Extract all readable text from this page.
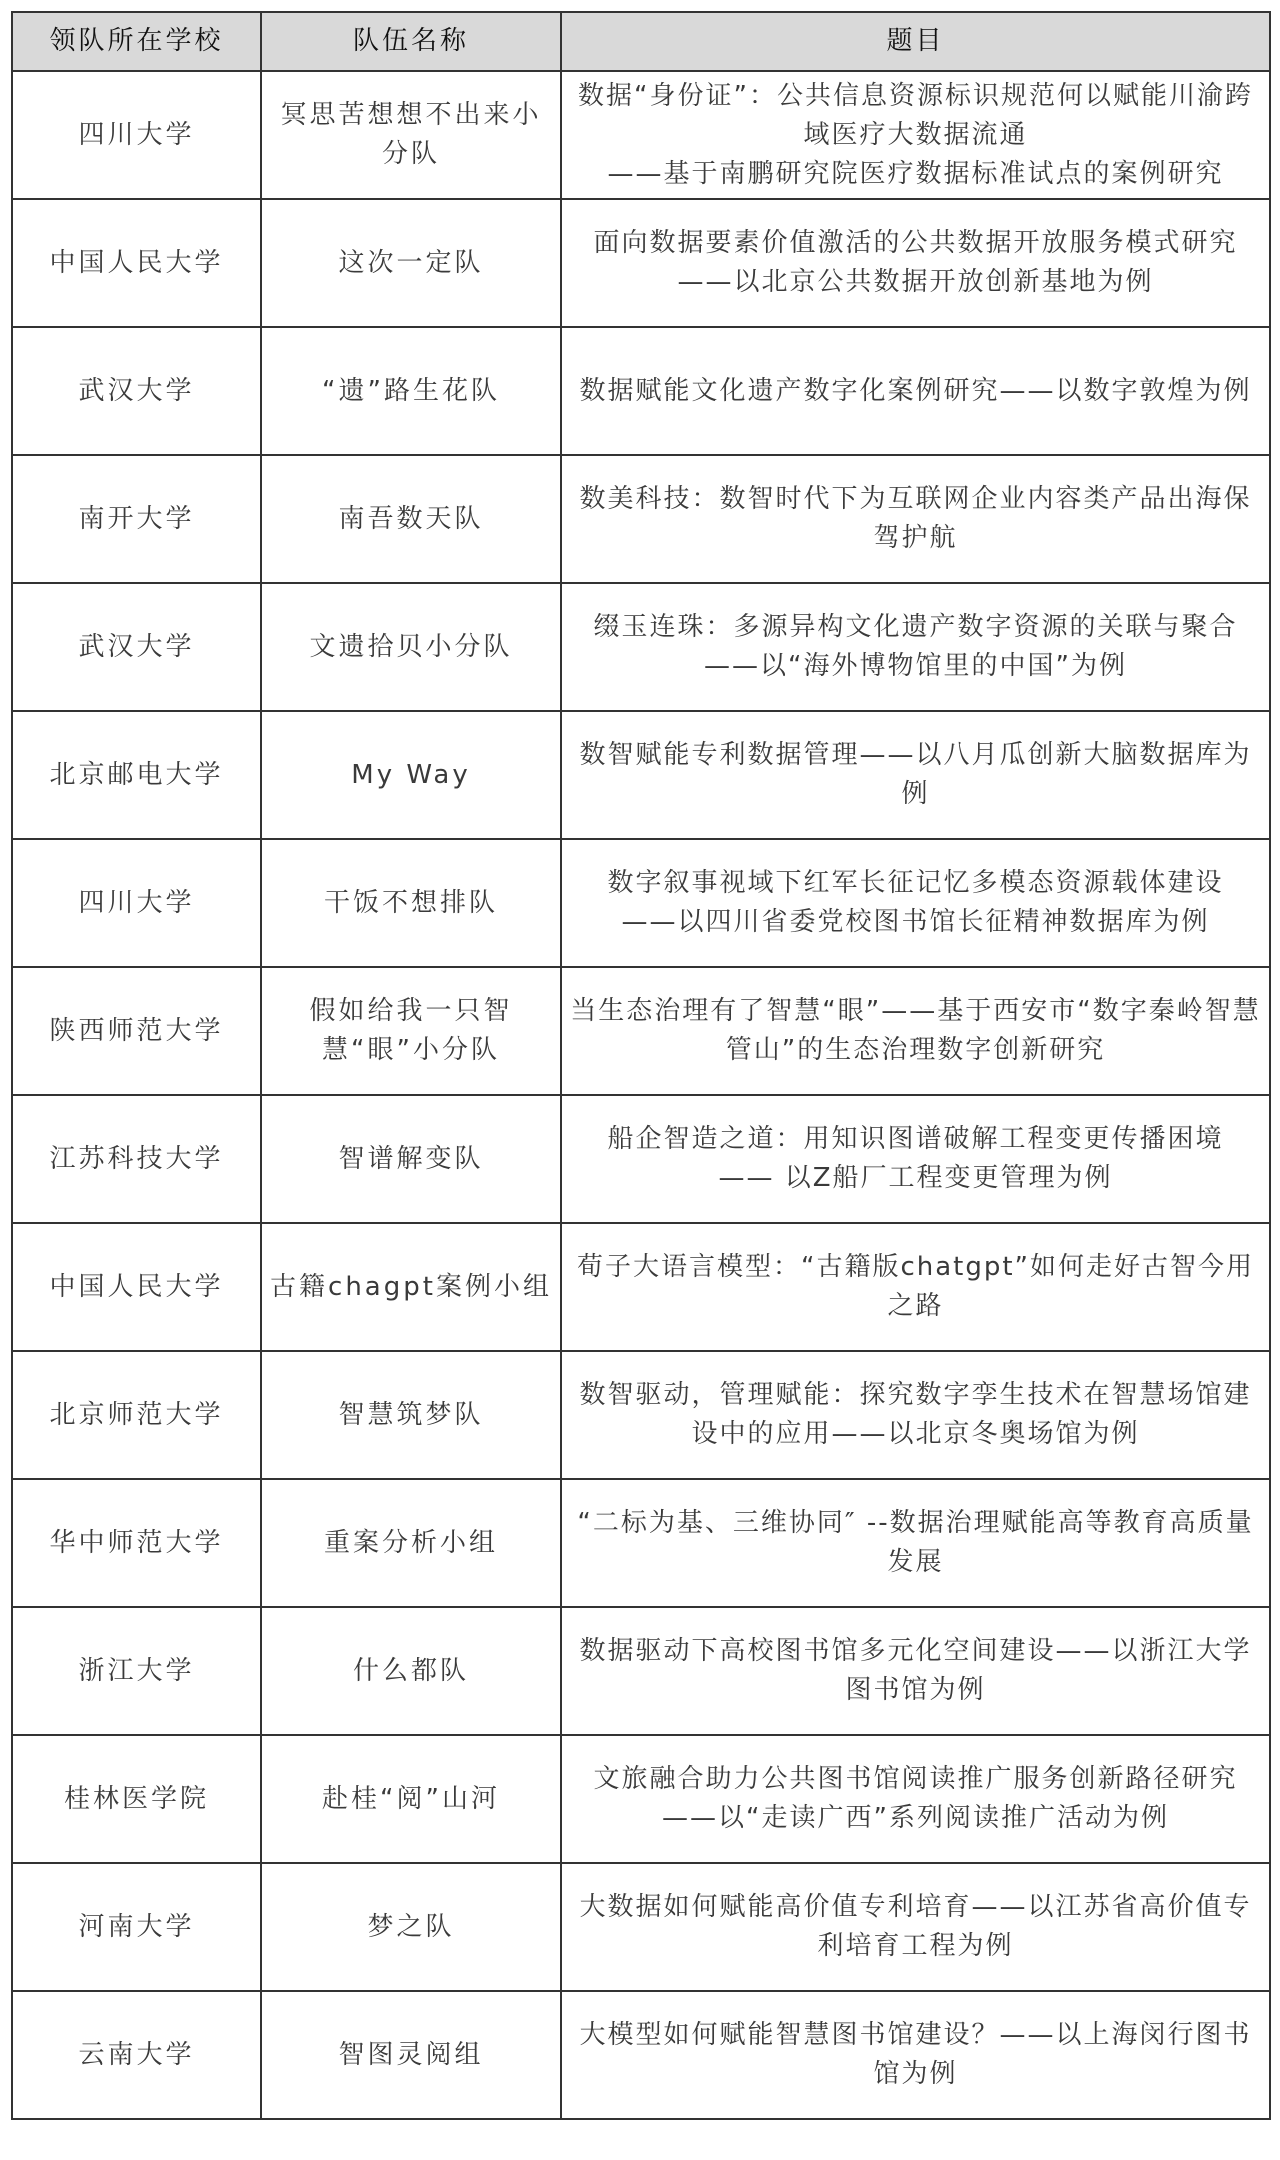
领队所在学校	队伍名称	题目
四川大学	冥思苦想想不出来小分队	数据“身份证”：公共信息资源标识规范何以赋能川渝跨域医疗大数据流通
——基于南鹏研究院医疗数据标准试点的案例研究

中国人民大学	这次一定队	面向数据要素价值激活的公共数据开放服务模式研究
——以北京公共数据开放创新基地为例

武汉大学	“遗”路生花队	数据赋能文化遗产数字化案例研究——以数字敦煌为例

南开大学	南吾数天队	数美科技：数智时代下为互联网企业内容类产品出海保驾护航

武汉大学	文遗拾贝小分队	缀玉连珠：多源异构文化遗产数字资源的关联与聚合——以“海外博物馆里的中国”为例

北京邮电大学	My Way	数智赋能专利数据管理——以八月瓜创新大脑数据库为例

四川大学	干饭不想排队	数字叙事视域下红军长征记忆多模态资源载体建设
——以四川省委党校图书馆长征精神数据库为例

陕西师范大学	假如给我一只智慧“眼”小分队	当生态治理有了智慧“眼”——基于西安市“数字秦岭智慧管山”的生态治理数字创新研究

江苏科技大学	智谱解变队	船企智造之道：用知识图谱破解工程变更传播困境
—— 以Z船厂工程变更管理为例

中国人民大学	古籍chagpt案例小组	荀子大语言模型：“古籍版chatgpt”如何走好古智今用之路

北京师范大学	智慧筑梦队	数智驱动，管理赋能：探究数字孪生技术在智慧场馆建设中的应用——以北京冬奥场馆为例

华中师范大学	重案分析小组	“二标为基、三维协同″ --数据治理赋能高等教育高质量发展

浙江大学	什么都队	数据驱动下高校图书馆多元化空间建设——以浙江大学图书馆为例

桂林医学院	赴桂“阅”山河	文旅融合助力公共图书馆阅读推广服务创新路径研究——以“走读广西”系列阅读推广活动为例

河南大学	梦之队	大数据如何赋能高价值专利培育——以江苏省高价值专利培育工程为例

云南大学	智图灵阅组	大模型如何赋能智慧图书馆建设？——以上海闵行图书馆为例
